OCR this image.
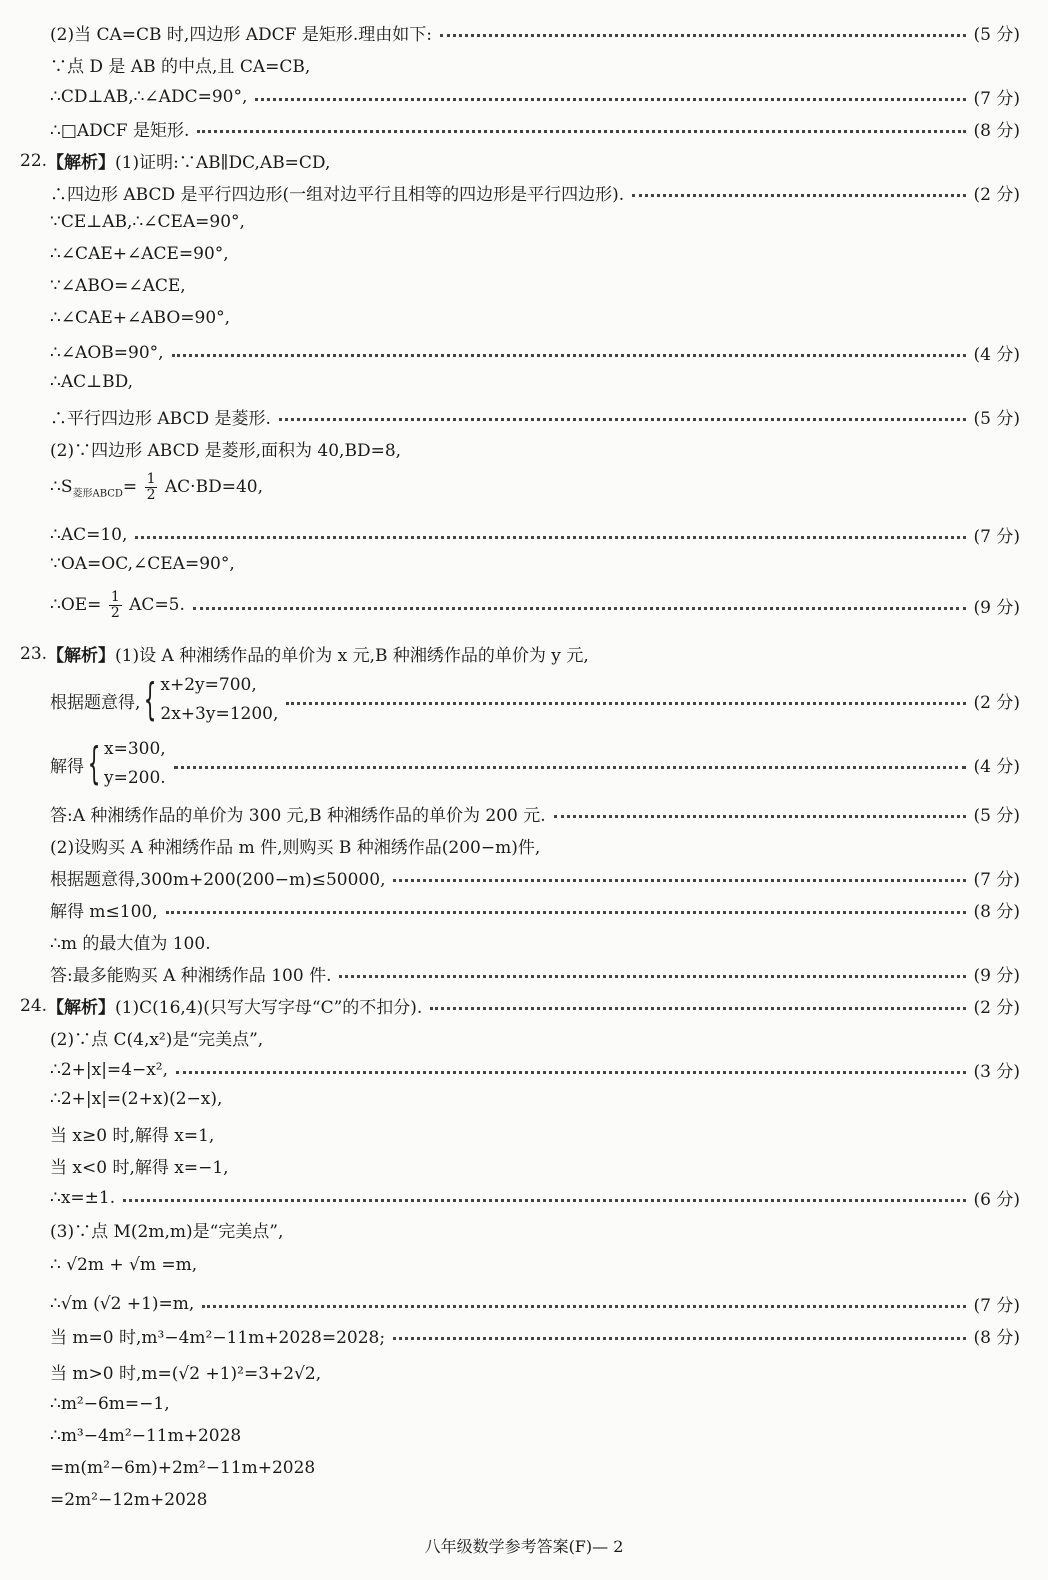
(2)当 CA=CB 时,四边形 ADCF 是矩形.理由如下:	(5 分)
∵点 D 是 AB 的中点,且 CA=CB,
∴CD⊥AB,∴∠ADC=90°,	(7 分)
∴□ADCF 是矩形.	(8 分)
22. 【解析】 (1)证明:∵AB∥DC,AB=CD,
∴四边形 ABCD 是平行四边形(一组对边平行且相等的四边形是平行四边形).	(2 分)
∵CE⊥AB,∴∠CEA=90°,
∴∠CAE+∠ACE=90°,
∵∠ABO=∠ACE,
∴∠CAE+∠ABO=90°,
∴∠AOB=90°,	(4 分)
∴AC⊥BD,
∴平行四边形 ABCD 是菱形.	(5 分)
(2)∵四边形 ABCD 是菱形,面积为 40,BD=8,
$\therefore S_{菱形ABCD}= \frac{1}{2} AC\cdot BD=40$,
∴AC=10,	(7 分)
∵OA=OC,∠CEA=90°,
∴OE= $\frac{1}{2} AC=5$.	(9 分)
23. 【解析】 (1)设 A 种湘绣作品的单价为 x 元,B 种湘绣作品的单价为 y 元,
根据题意得, { x+2y=700,
2x+3y=1200,
(2 分)
解得 { x=300,
y=200.
(4 分)
答:A 种湘绣作品的单价为 300 元,B 种湘绣作品的单价为 200 元.	(5 分)
(2)设购买 A 种湘绣作品 m 件,则购买 B 种湘绣作品(200−m)件,
根据题意得,300m+200(200−m)≤50000,	(7 分)
解得 m≤100,	(8 分)
∴m 的最大值为 100.
答:最多能购买 A 种湘绣作品 100 件.	(9 分)
24. 【解析】 (1)C(16,4)(只写大写字母“C”的不扣分).	(2 分)
(2)∵点 C(4,x²)是“完美点”,
∴2+|x|=4−x²,	(3 分)
∴2+|x|=(2+x)(2−x),
当 x≥0 时,解得 x=1,
当 x<0 时,解得 x=−1,
∴x=±1.	(6 分)
(3)∵点 M(2m,m)是“完美点”,
∴ √2m + √m =m,
∴√m (√2 +1)=m,	(7 分)
当 m=0 时,m³−4m²−11m+2028=2028;	(8 分)
当 m>0 时,m=(√2 +1)²=3+2√2,
∴m²−6m=−1,
∴m³−4m²−11m+2028
=m(m²−6m)+2m²−11m+2028
=2m²−12m+2028
八年级数学参考答案(F)— 2
